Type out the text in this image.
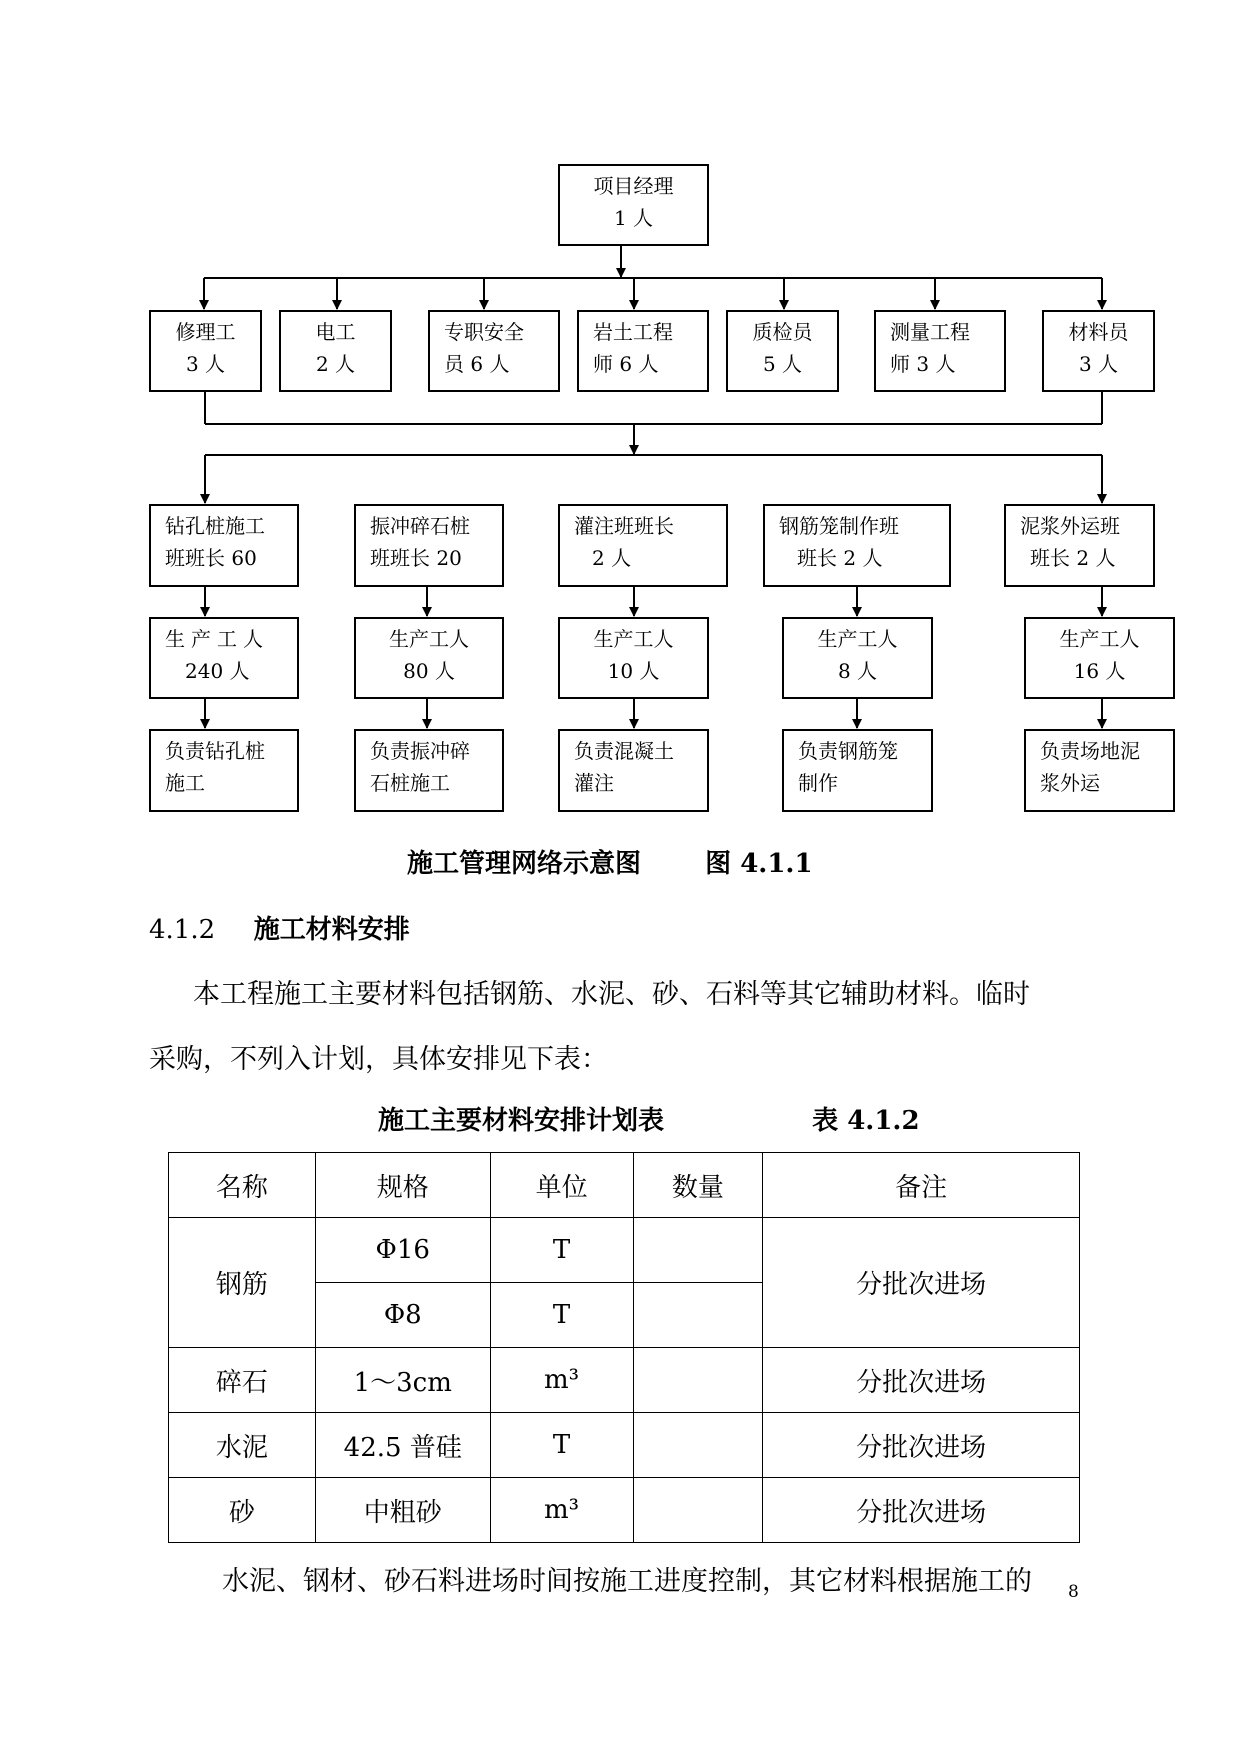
项目经理
1 人
修理工
3 人
电工
2 人
专职安全
员 6 人
岩土工程
师 6 人
质检员
5 人
测量工程
师 3 人
材料员
3 人
钻孔桩施工
班班长 60
振冲碎石桩
班班长 20
灌注班班长
2 人
钢筋笼制作班
班长 2 人
泥浆外运班
班长 2 人
生产工人
240 人
生产工人
80 人
生产工人
10 人
生产工人
8 人
生产工人
16 人
负责钻孔桩
施工
负责振冲碎
石桩施工
负责混凝土
灌注
负责钢筋笼
制作
负责场地泥
浆外运
施工管理网络示意图 图 4.1.1
4.1.2 施工材料安排
本工程施工主要材料包括钢筋、水泥、砂、石料等其它辅助材料。临时
采购，不列入计划，具体安排见下表：
施工主要材料安排计划表	表 4.1.2
名称	规格	单位	数量	备注
钢筋	Φ16	T		分批次进场
	Φ8	T		
碎石	1～3cm	m³		分批次进场
水泥	42.5 普硅	T		分批次进场
砂	中粗砂	m³		分批次进场
水泥、钢材、砂石料进场时间按施工进度控制，其它材料根据施工的 8
